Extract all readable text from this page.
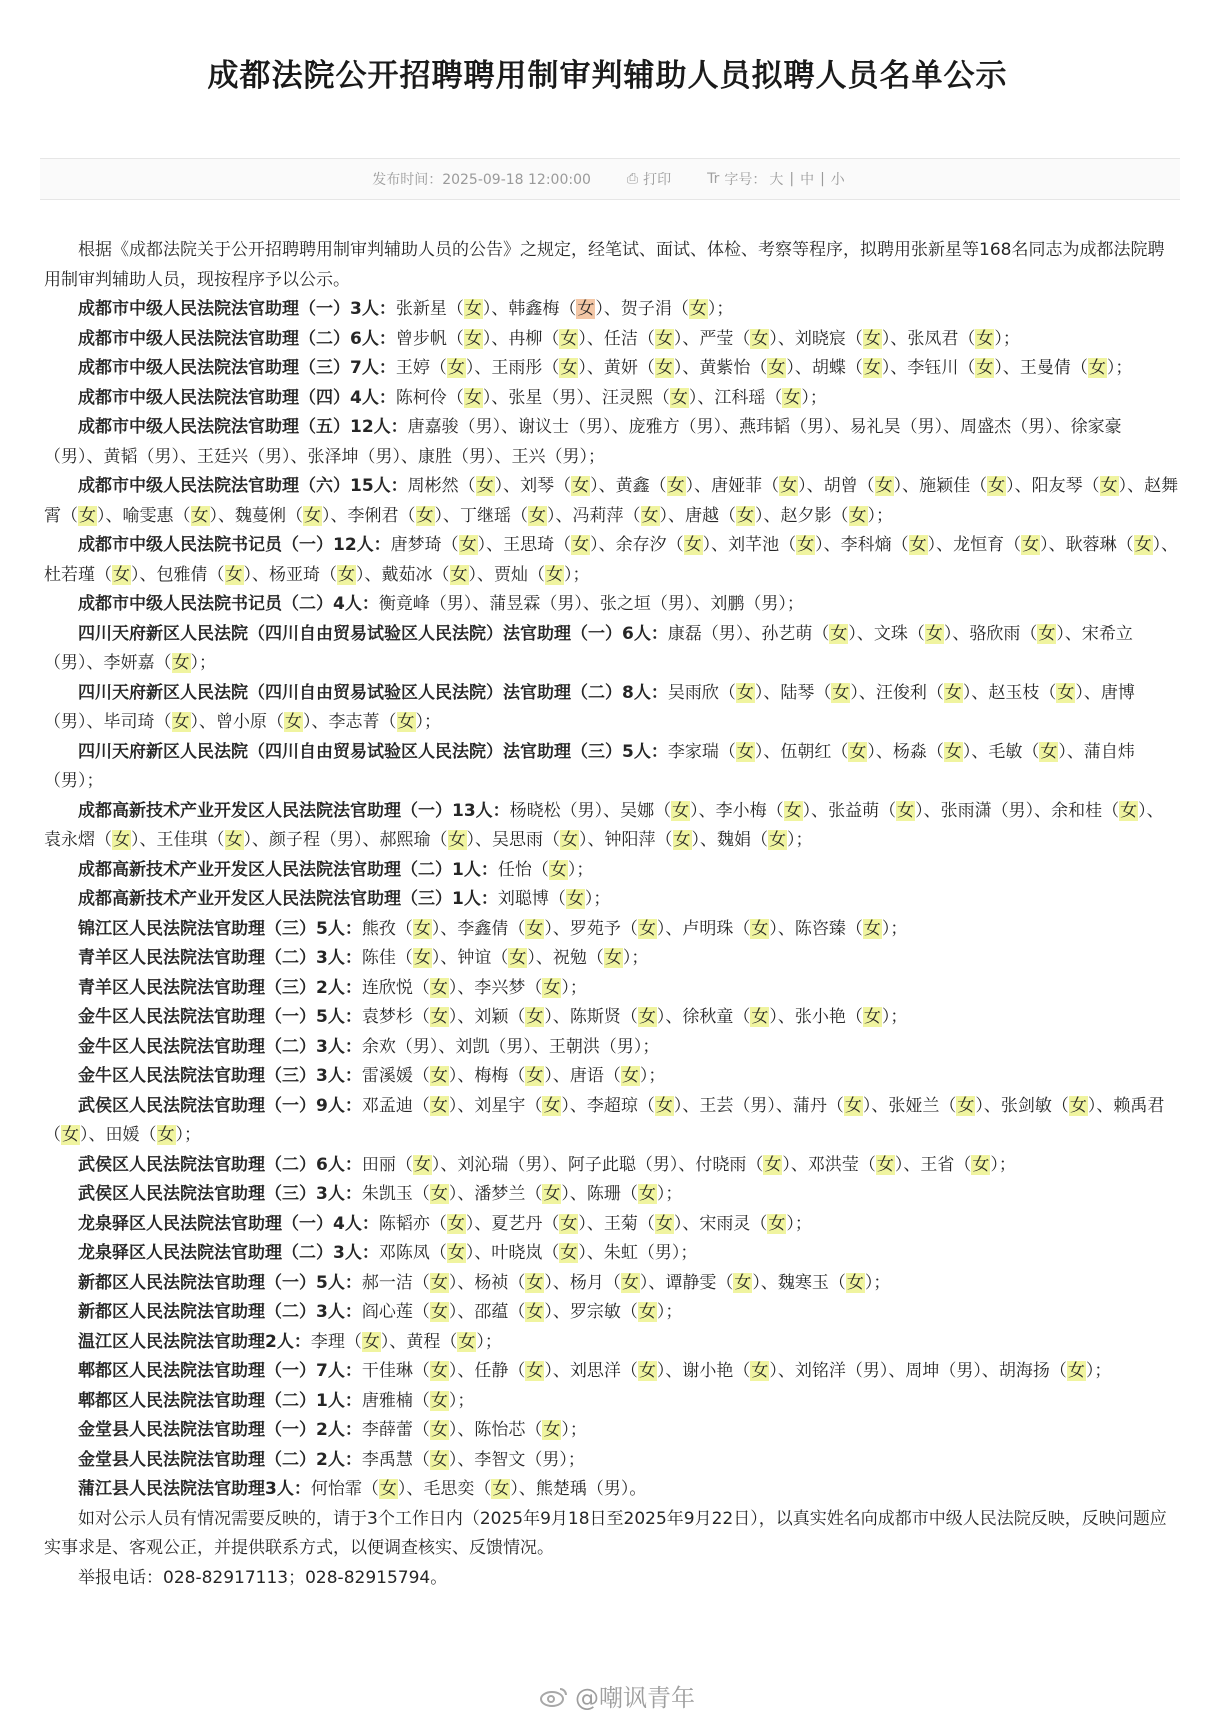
成都法院公开招聘聘用制审判辅助人员拟聘人员名单公示
发布时间：2025-09-18 12:00:00	⎙ 打印	Tr 字号： 大 | 中 | 小

根据《成都法院关于公开招聘聘用制审判辅助人员的公告》之规定，经笔试、面试、体检、考察等程序，拟聘用张新星等168名同志为成都法院聘用制审判辅助人员，现按程序予以公示。

成都市中级人民法院法官助理（一）3人：张新星（女）、韩鑫梅（女）、贺子涓（女）；

成都市中级人民法院法官助理（二）6人：曾步帆（女）、冉柳（女）、任洁（女）、严莹（女）、刘晓宸（女）、张凤君（女）；

成都市中级人民法院法官助理（三）7人：王婷（女）、王雨彤（女）、黄妍（女）、黄紫怡（女）、胡蝶（女）、李钰川（女）、王曼倩（女）；

成都市中级人民法院法官助理（四）4人：陈柯伶（女）、张星（男）、汪灵熙（女）、江科瑶（女）；

成都市中级人民法院法官助理（五）12人：唐嘉骏（男）、谢议士（男）、庞雅方（男）、燕玮韬（男）、易礼昊（男）、周盛杰（男）、徐家豪（男）、黄韬（男）、王廷兴（男）、张泽坤（男）、康胜（男）、王兴（男）；

成都市中级人民法院法官助理（六）15人：周彬然（女）、刘琴（女）、黄鑫（女）、唐娅菲（女）、胡曾（女）、施颖佳（女）、阳友琴（女）、赵舞霄（女）、喻雯惠（女）、魏蔓俐（女）、李俐君（女）、丁继瑶（女）、冯莉萍（女）、唐越（女）、赵夕影（女）；

成都市中级人民法院书记员（一）12人：唐梦琦（女）、王思琦（女）、余存汐（女）、刘芊池（女）、李科熵（女）、龙恒育（女）、耿蓉琳（女）、杜若瑾（女）、包雅倩（女）、杨亚琦（女）、戴茹冰（女）、贾灿（女）；

成都市中级人民法院书记员（二）4人：衡竟峰（男）、蒲昱霖（男）、张之垣（男）、刘鹏（男）；

四川天府新区人民法院（四川自由贸易试验区人民法院）法官助理（一）6人：康磊（男）、孙艺萌（女）、文珠（女）、骆欣雨（女）、宋希立（男）、李妍嘉（女）；

四川天府新区人民法院（四川自由贸易试验区人民法院）法官助理（二）8人：吴雨欣（女）、陆琴（女）、汪俊利（女）、赵玉枝（女）、唐博（男）、毕司琦（女）、曾小原（女）、李志菁（女）；

四川天府新区人民法院（四川自由贸易试验区人民法院）法官助理（三）5人：李家瑞（女）、伍朝红（女）、杨淼（女）、毛敏（女）、蒲自炜（男）；

成都高新技术产业开发区人民法院法官助理（一）13人：杨晓松（男）、吴娜（女）、李小梅（女）、张益萌（女）、张雨潇（男）、余和桂（女）、袁永熠（女）、王佳琪（女）、颜子程（男）、郝熙瑜（女）、吴思雨（女）、钟阳萍（女）、魏娟（女）；

成都高新技术产业开发区人民法院法官助理（二）1人：任怡（女）；

成都高新技术产业开发区人民法院法官助理（三）1人：刘聪博（女）；

锦江区人民法院法官助理（三）5人：熊孜（女）、李鑫倩（女）、罗苑予（女）、卢明珠（女）、陈咨臻（女）；

青羊区人民法院法官助理（二）3人：陈佳（女）、钟谊（女）、祝勉（女）；

青羊区人民法院法官助理（三）2人：连欣悦（女）、李兴梦（女）；

金牛区人民法院法官助理（一）5人：袁梦杉（女）、刘颖（女）、陈斯贤（女）、徐秋童（女）、张小艳（女）；

金牛区人民法院法官助理（二）3人：余欢（男）、刘凯（男）、王朝洪（男）；

金牛区人民法院法官助理（三）3人：雷溪媛（女）、梅梅（女）、唐语（女）；

武侯区人民法院法官助理（一）9人：邓孟迪（女）、刘星宇（女）、李超琼（女）、王芸（男）、蒲丹（女）、张娅兰（女）、张剑敏（女）、赖禹君（女）、田媛（女）；

武侯区人民法院法官助理（二）6人：田丽（女）、刘沁瑞（男）、阿子此聪（男）、付晓雨（女）、邓洪莹（女）、王省（女）；

武侯区人民法院法官助理（三）3人：朱凯玉（女）、潘梦兰（女）、陈珊（女）；

龙泉驿区人民法院法官助理（一）4人：陈韬亦（女）、夏艺丹（女）、王菊（女）、宋雨灵（女）；

龙泉驿区人民法院法官助理（二）3人：邓陈凤（女）、叶晓岚（女）、朱虹（男）；

新都区人民法院法官助理（一）5人：郝一洁（女）、杨祯（女）、杨月（女）、谭静雯（女）、魏寒玉（女）；

新都区人民法院法官助理（二）3人：阎心莲（女）、邵蕴（女）、罗宗敏（女）；

温江区人民法院法官助理2人：李理（女）、黄程（女）；

郫都区人民法院法官助理（一）7人：干佳琳（女）、任静（女）、刘思洋（女）、谢小艳（女）、刘铭洋（男）、周坤（男）、胡海扬（女）；

郫都区人民法院法官助理（二）1人：唐雅楠（女）；

金堂县人民法院法官助理（一）2人：李薛蕾（女）、陈怡芯（女）；

金堂县人民法院法官助理（二）2人：李禹慧（女）、李智文（男）；

蒲江县人民法院法官助理3人：何怡霏（女）、毛思奕（女）、熊楚瑀（男）。

如对公示人员有情况需要反映的，请于3个工作日内（2025年9月18日至2025年9月22日），以真实姓名向成都市中级人民法院反映，反映问题应实事求是、客观公正，并提供联系方式，以便调查核实、反馈情况。

举报电话：028-82917113；028-82915794。

@嘲讽青年
